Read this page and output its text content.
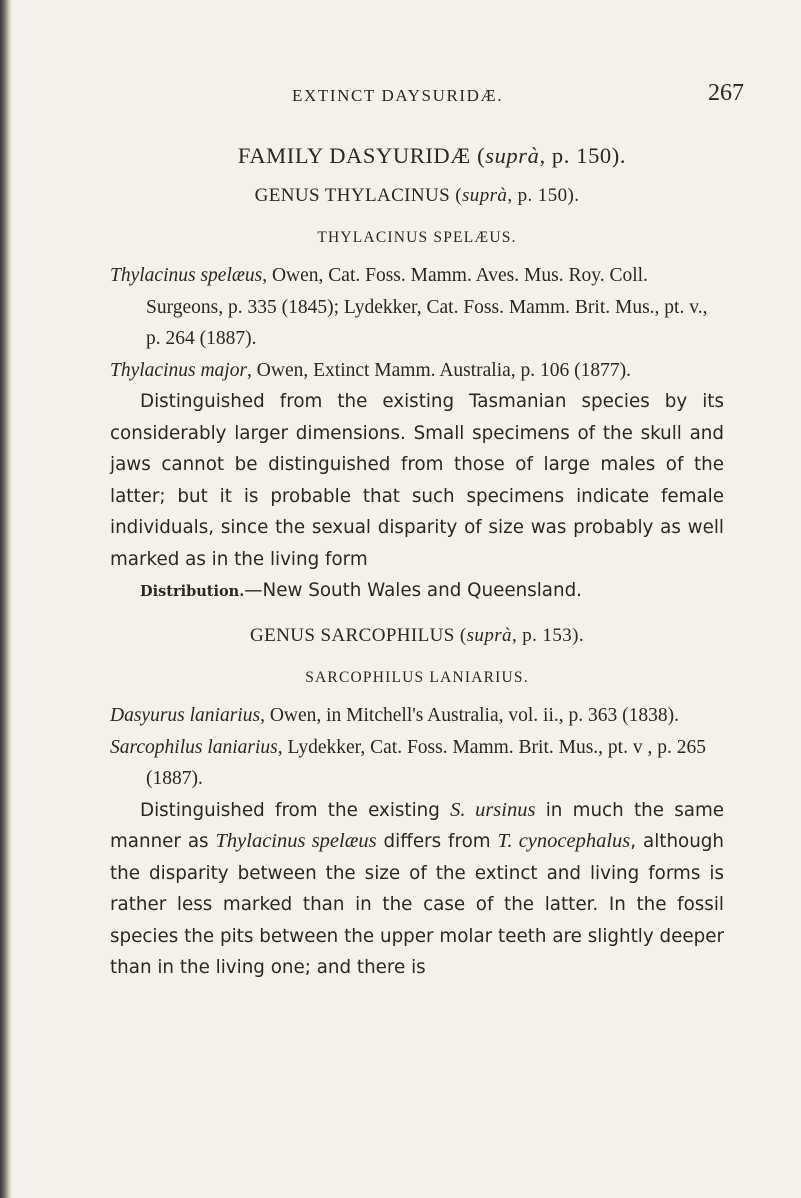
EXTINCT DAYSURIDÆ.	267
FAMILY DASYURIDÆ (suprà, p. 150).
GENUS THYLACINUS (suprà, p. 150).
THYLACINUS SPELÆUS.

Thylacinus spelæus, Owen, Cat. Foss. Mamm. Aves. Mus. Roy. Coll. Surgeons, p. 335 (1845); Lydekker, Cat. Foss. Mamm. Brit. Mus., pt. v., p. 264 (1887).

Thylacinus major, Owen, Extinct Mamm. Australia, p. 106 (1877).

Distinguished from the existing Tasmanian species by its considerably larger dimensions. Small specimens of the skull and jaws cannot be distinguished from those of large males of the latter; but it is probable that such specimens indicate female individuals, since the sexual disparity of size was probably as well marked as in the living form

Distribution.—New South Wales and Queensland.

GENUS SARCOPHILUS (suprà, p. 153).
SARCOPHILUS LANIARIUS.

Dasyurus laniarius, Owen, in Mitchell's Australia, vol. ii., p. 363 (1838).

Sarcophilus laniarius, Lydekker, Cat. Foss. Mamm. Brit. Mus., pt. v , p. 265 (1887).

Distinguished from the existing S. ursinus in much the same manner as Thylacinus spelæus differs from T. cynocephalus, although the disparity between the size of the extinct and living forms is rather less marked than in the case of the latter. In the fossil species the pits between the upper molar teeth are slightly deeper than in the living one; and there is
